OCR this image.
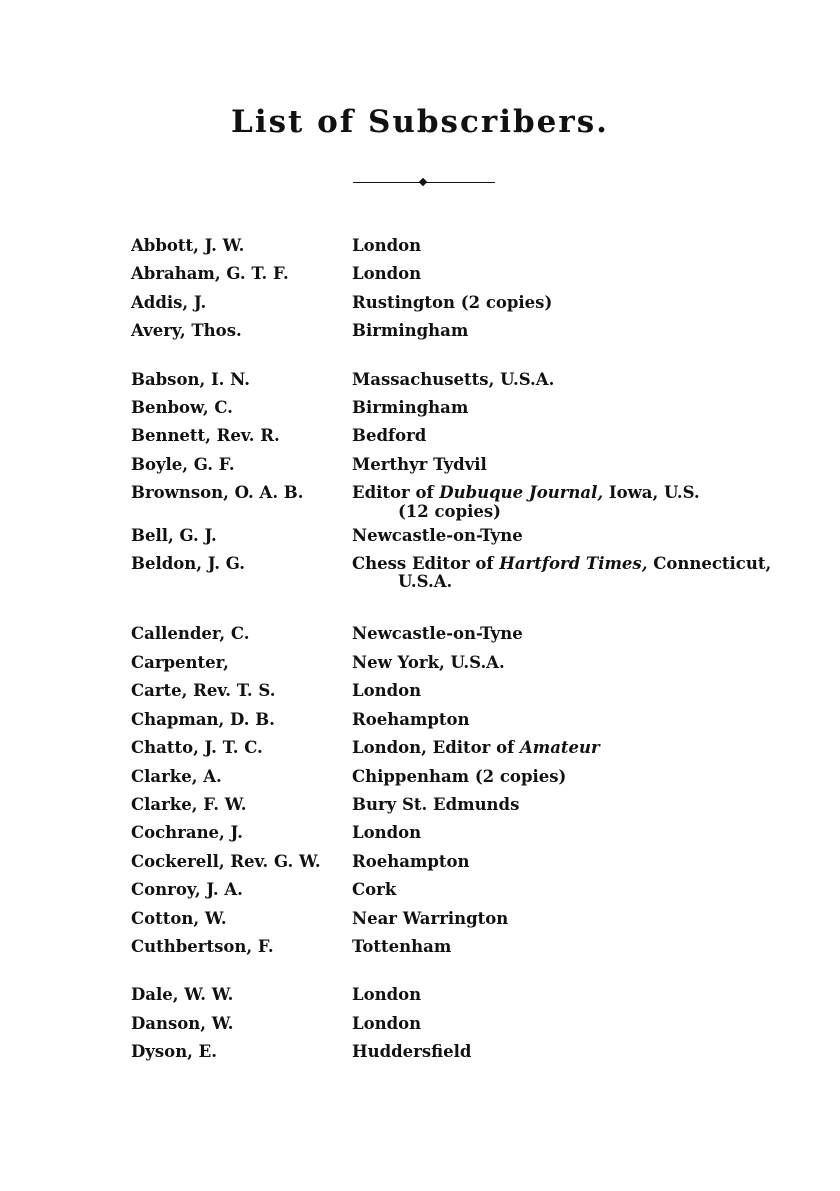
List of Subscribers.
Abbott, J. W.	London
Abraham, G. T. F.	London
Addis, J.	Rustington (2 copies)
Avery, Thos.	Birmingham
Babson, I. N.	Massachusetts, U.S.A.
Benbow, C.	Birmingham
Bennett, Rev. R.	Bedford
Boyle, G. F.	Merthyr Tydvil
Brownson, O. A. B.	Editor of Dubuque Journal, Iowa, U.S.
(12 copies)
Bell, G. J.	Newcastle-on-Tyne
Beldon, J. G.	Chess Editor of Hartford Times, Connecticut,
U.S.A.
Callender, C.	Newcastle-on-Tyne
Carpenter,	New York, U.S.A.
Carte, Rev. T. S.	London
Chapman, D. B.	Roehampton
Chatto, J. T. C.	London, Editor of Amateur
Clarke, A.	Chippenham (2 copies)
Clarke, F. W.	Bury St. Edmunds
Cochrane, J.	London
Cockerell, Rev. G. W.	Roehampton
Conroy, J. A.	Cork
Cotton, W.	Near Warrington
Cuthbertson, F.	Tottenham
Dale, W. W.	London
Danson, W.	London
Dyson, E.	Huddersfield
